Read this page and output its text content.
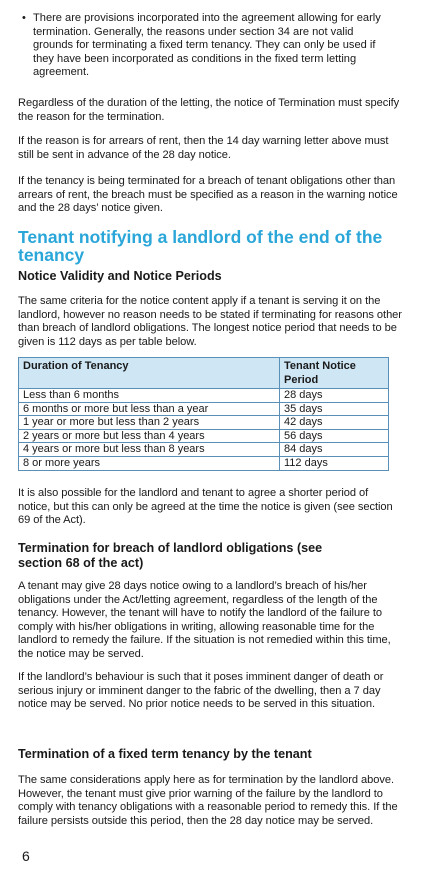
• There are provisions incorporated into the agreement allowing for early termination. Generally, the reasons under section 34 are not valid grounds for terminating a fixed term tenancy. They can only be used if they have been incorporated as conditions in the fixed term letting agreement.

Regardless of the duration of the letting, the notice of Termination must specify the reason for the termination.

If the reason is for arrears of rent, then the 14 day warning letter above must still be sent in advance of the 28 day notice.

If the tenancy is being terminated for a breach of tenant obligations other than arrears of rent, the breach must be specified as a reason in the warning notice and the 28 days’ notice given.

Tenant notifying a landlord of the end of the tenancy
Notice Validity and Notice Periods

The same criteria for the notice content apply if a tenant is serving it on the landlord, however no reason needs to be stated if terminating for reasons other than breach of landlord obligations. The longest notice period that needs to be given is 112 days as per table below.

Duration of Tenancy	Tenant Notice Period
Less than 6 months	28 days
6 months or more but less than a year	35 days
1 year or more but less than 2 years	42 days
2 years or more but less than 4 years	56 days
4 years or more but less than 8 years	84 days
8 or more years	112 days

It is also possible for the landlord and tenant to agree a shorter period of notice, but this can only be agreed at the time the notice is given (see section 69 of the Act).

Termination for breach of landlord obligations (see section 68 of the act)

A tenant may give 28 days notice owing to a landlord’s breach of his/her obligations under the Act/letting agreement, regardless of the length of the tenancy. However, the tenant will have to notify the landlord of the failure to comply with his/her obligations in writing, allowing reasonable time for the landlord to remedy the failure. If the situation is not remedied within this time, the notice may be served.

If the landlord’s behaviour is such that it poses imminent danger of death or serious injury or imminent danger to the fabric of the dwelling, then a 7 day notice may be served. No prior notice needs to be served in this situation.

Termination of a fixed term tenancy by the tenant

The same considerations apply here as for termination by the landlord above. However, the tenant must give prior warning of the failure by the landlord to comply with tenancy obligations with a reasonable period to remedy this. If the failure persists outside this period, then the 28 day notice may be served.

6
